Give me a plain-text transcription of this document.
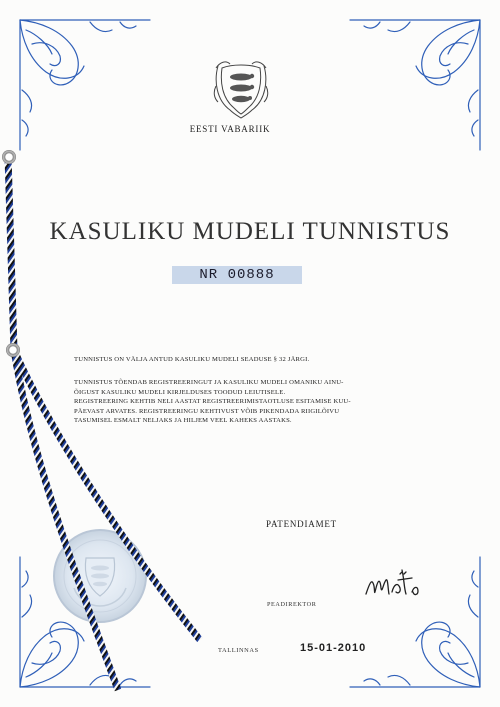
EESTI VABARIIK
KASULIKU MUDELI TUNNISTUS
NR 00888
TUNNISTUS ON VÄLJA ANTUD KASULIKU MUDELI SEADUSE § 32 JÄRGI.
TUNNISTUS TÕENDAB REGISTREERINGUT JA KASULIKU MUDELI OMANIKU AINU-
ÕIGUST KASULIKU MUDELI KIRJELDUSES TOODUD LEIUTISELE.
REGISTREERING KEHTIB NELI AASTAT REGISTREERIMISTAOTLUSE ESITAMISE KUU-
PÄEVAST ARVATES. REGISTREERINGU KEHTIVUST VÕIB PIKENDADA RIIGILÕIVU
TASUMISEL ESMALT NELJAKS JA HILJEM VEEL KAHEKS AASTAKS.
PATENDIAMET
PEADIREKTOR
TALLINNAS	15-01-2010
